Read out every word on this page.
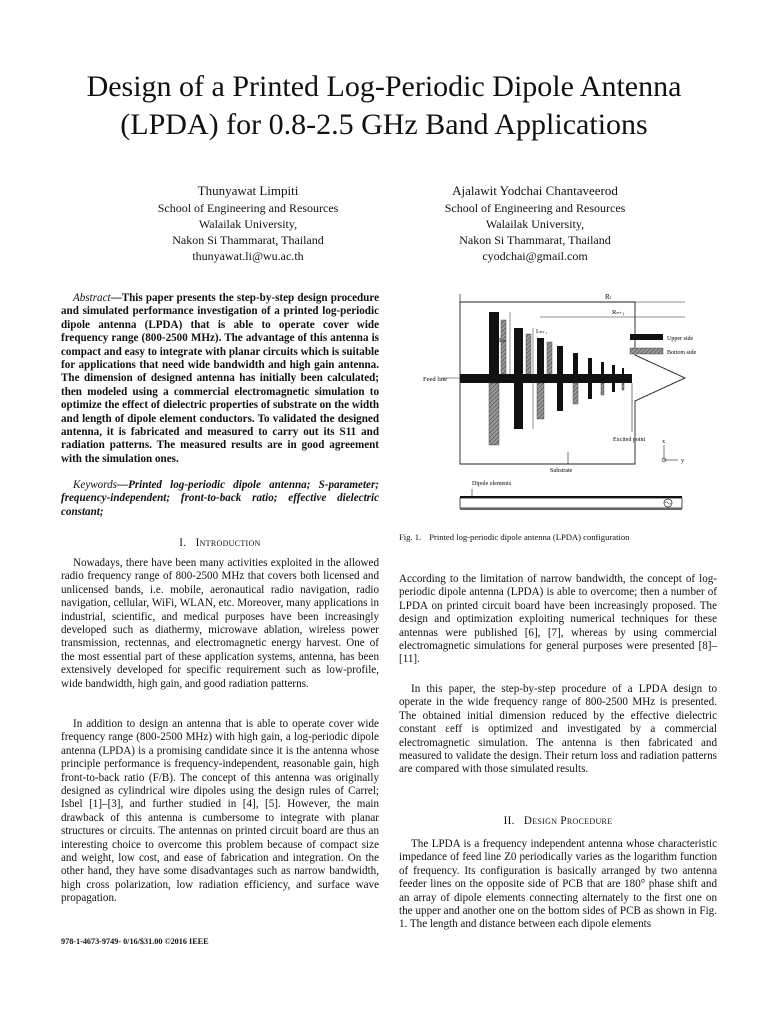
Design of a Printed Log-Periodic Dipole Antenna
(LPDA) for 0.8-2.5 GHz Band Applications
Thunyawat Limpiti
School of Engineering and Resources
Walailak University,
Nakon Si Thammarat, Thailand
thunyawat.li@wu.ac.th
Ajalawit Yodchai Chantaveerod
School of Engineering and Resources
Walailak University,
Nakon Si Thammarat, Thailand
cyodchai@gmail.com
Abstract—This paper presents the step-by-step design procedure and simulated performance investigation of a printed log-periodic dipole antenna (LPDA) that is able to operate cover wide frequency range (800-2500 MHz). The advantage of this antenna is compact and easy to integrate with planar circuits which is suitable for applications that need wide bandwidth and high gain antenna. The dimension of designed antenna has initially been calculated; then modeled using a commercial electromagnetic simulation to optimize the effect of dielectric properties of substrate on the width and length of dipole element conductors. To validated the designed antenna, it is fabricated and measured to carry out its S11 and radiation patterns. The measured results are in good agreement with the simulation ones.
Keywords—Printed log-periodic dipole antenna; S-parameter; frequency-independent; front-to-back ratio; effective dielectric constant;
I. Introduction

Nowadays, there have been many activities exploited in the allowed radio frequency range of 800-2500 MHz that covers both licensed and unlicensed bands, i.e. mobile, aeronautical radio navigation, radio navigation, cellular, WiFi, WLAN, etc. Moreover, many applications in industrial, scientific, and medical purposes have been increasingly developed such as diathermy, microwave ablation, wireless power transmission, rectennas, and electromagnetic energy harvest. One of the most essential part of these application systems, antenna, has been extensively developed for specific requirement such as low-profile, wide bandwidth, high gain, and good radiation patterns.

In addition to design an antenna that is able to operate cover wide frequency range (800-2500 MHz) with high gain, a log-periodic dipole antenna (LPDA) is a promising candidate since it is the antenna whose principle performance is frequency-independent, reasonable gain, high front-to-back ratio (F/B). The concept of this antenna was originally designed as cylindrical wire dipoles using the design rules of Carrel; Isbel [1]–[3], and further studied in [4], [5]. However, the main drawback of this antenna is cumbersome to integrate with planar structures or circuits. The antennas on printed circuit board are thus an interesting choice to overcome this problem because of compact size and weight, low cost, and ease of fabrication and integration. On the other hand, they have some disadvantages such as narrow bandwidth, high cross polarization, low radiation efficiency, and surface wave propagation.

978-1-4673-9749- 0/16/$31.00 ©2016 IEEE
Rₗ
Rₙ₊₁
Feed line
Lₙ
Lₙ₊₁
Upper side
Bottom side
Excited point
Substrate
x
y
Dipole elements
Fig. 1. Printed log-periodic dipole antenna (LPDA) configuration

According to the limitation of narrow bandwidth, the concept of log-periodic dipole antenna (LPDA) is able to overcome; then a number of LPDA on printed circuit board have been increasingly proposed. The design and optimization exploiting numerical techniques for these antennas were published [6], [7], whereas by using commercial electromagnetic simulations for general purposes were presented [8]–[11].

In this paper, the step-by-step procedure of a LPDA design to operate in the wide frequency range of 800-2500 MHz is presented. The obtained initial dimension reduced by the effective dielectric constant εeff is optimized and investigated by a commercial electromagnetic simulation. The antenna is then fabricated and measured to validate the design. Their return loss and radiation patterns are compared with those simulated results.

II. Design Procedure

The LPDA is a frequency independent antenna whose characteristic impedance of feed line Z0 periodically varies as the logarithm function of frequency. Its configuration is basically arranged by two antenna feeder lines on the opposite side of PCB that are 180° phase shift and an array of dipole elements connecting alternately to the first one on the upper and another one on the bottom sides of PCB as shown in Fig. 1. The length and distance between each dipole elements
